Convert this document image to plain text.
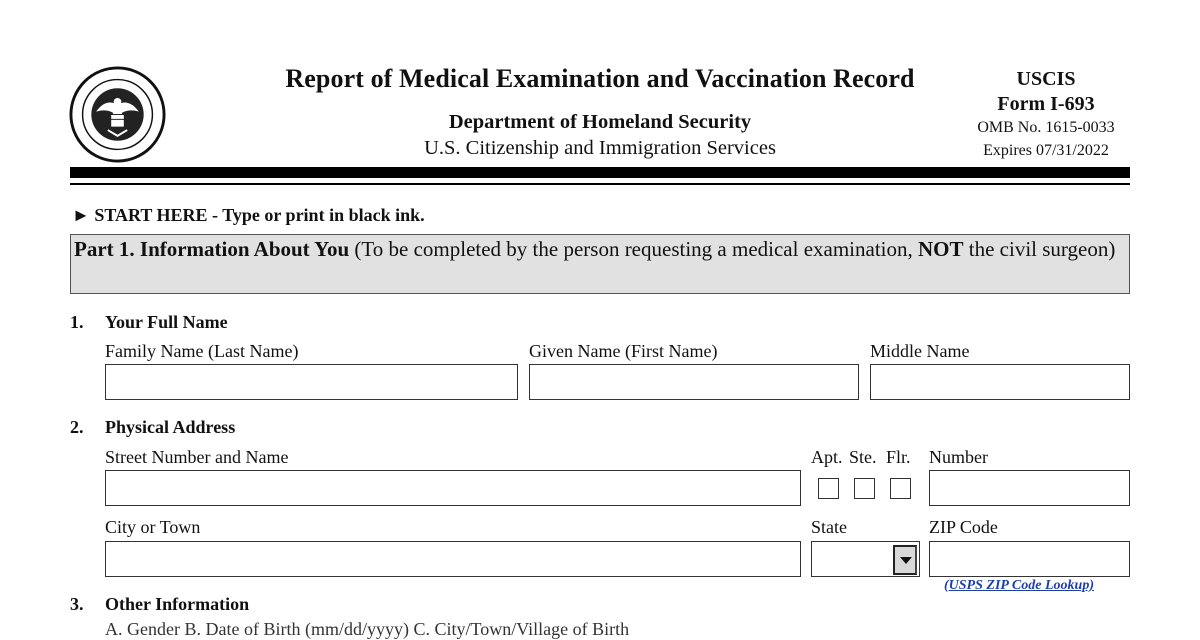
Report of Medical Examination and Vaccination Record
Department of Homeland Security
U.S. Citizenship and Immigration Services
USCIS
Form I-693
OMB No. 1615-0033
Expires 07/31/2022
► START HERE - Type or print in black ink.
Part 1. Information About You (To be completed by the person requesting a medical examination, NOT the civil surgeon)
1. Your Full Name
Family Name (Last Name)	Given Name (First Name)	Middle Name
2. Physical Address
Street Number and Name	Apt. Ste. Flr. Number
City or Town	State	ZIP Code
(USPS ZIP Code Lookup)
3. Other Information
A. Gender B. Date of Birth (mm/dd/yyyy) C. City/Town/Village of Birth
